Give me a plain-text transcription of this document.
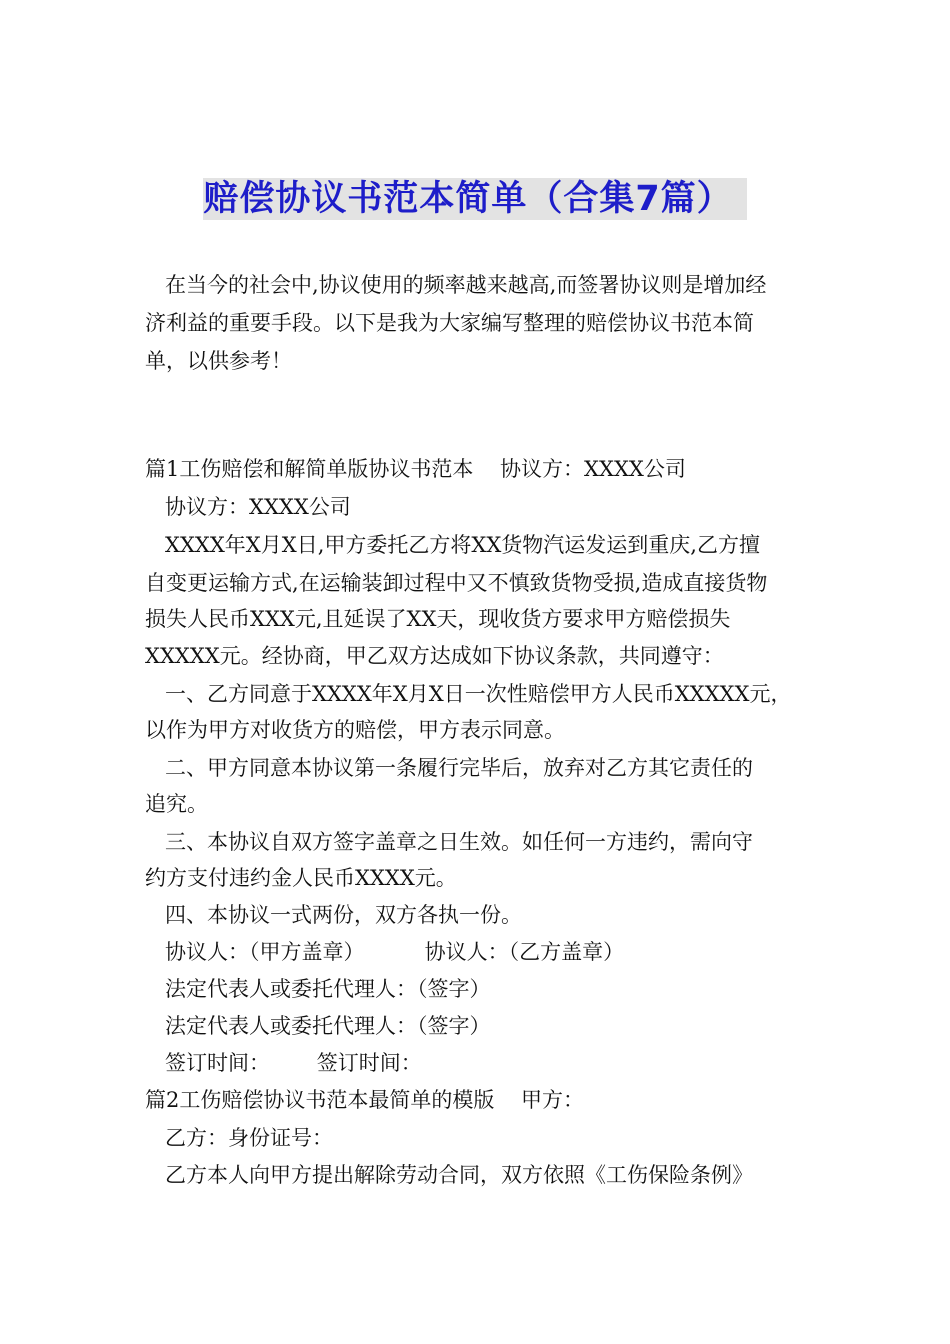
赔偿协议书范本简单（合集7篇）
在当今的社会中,协议使用的频率越来越高,而签署协议则是增加经
济利益的重要手段。以下是我为大家编写整理的赔偿协议书范本简
单，以供参考！
篇1工伤赔偿和解简单版协议书范本    协议方：XXXX公司
协议方：XXXX公司
XXXX年X月X日,甲方委托乙方将XX货物汽运发运到重庆,乙方擅
自变更运输方式,在运输装卸过程中又不慎致货物受损,造成直接货物
损失人民币XXX元,且延误了XX天，现收货方要求甲方赔偿损失
XXXXX元。经协商，甲乙双方达成如下协议条款，共同遵守：
一、乙方同意于XXXX年X月X日一次性赔偿甲方人民币XXXXX元，
以作为甲方对收货方的赔偿，甲方表示同意。
二、甲方同意本协议第一条履行完毕后，放弃对乙方其它责任的
追究。
三、本协议自双方签字盖章之日生效。如任何一方违约，需向守
约方支付违约金人民币XXXX元。
四、本协议一式两份，双方各执一份。
协议人：（甲方盖章）         协议人：（乙方盖章）
法定代表人或委托代理人：（签字）
法定代表人或委托代理人：（签字）
签订时间：       签订时间：
篇2工伤赔偿协议书范本最简单的模版    甲方：
乙方：身份证号：
乙方本人向甲方提出解除劳动合同，双方依照《工伤保险条例》
